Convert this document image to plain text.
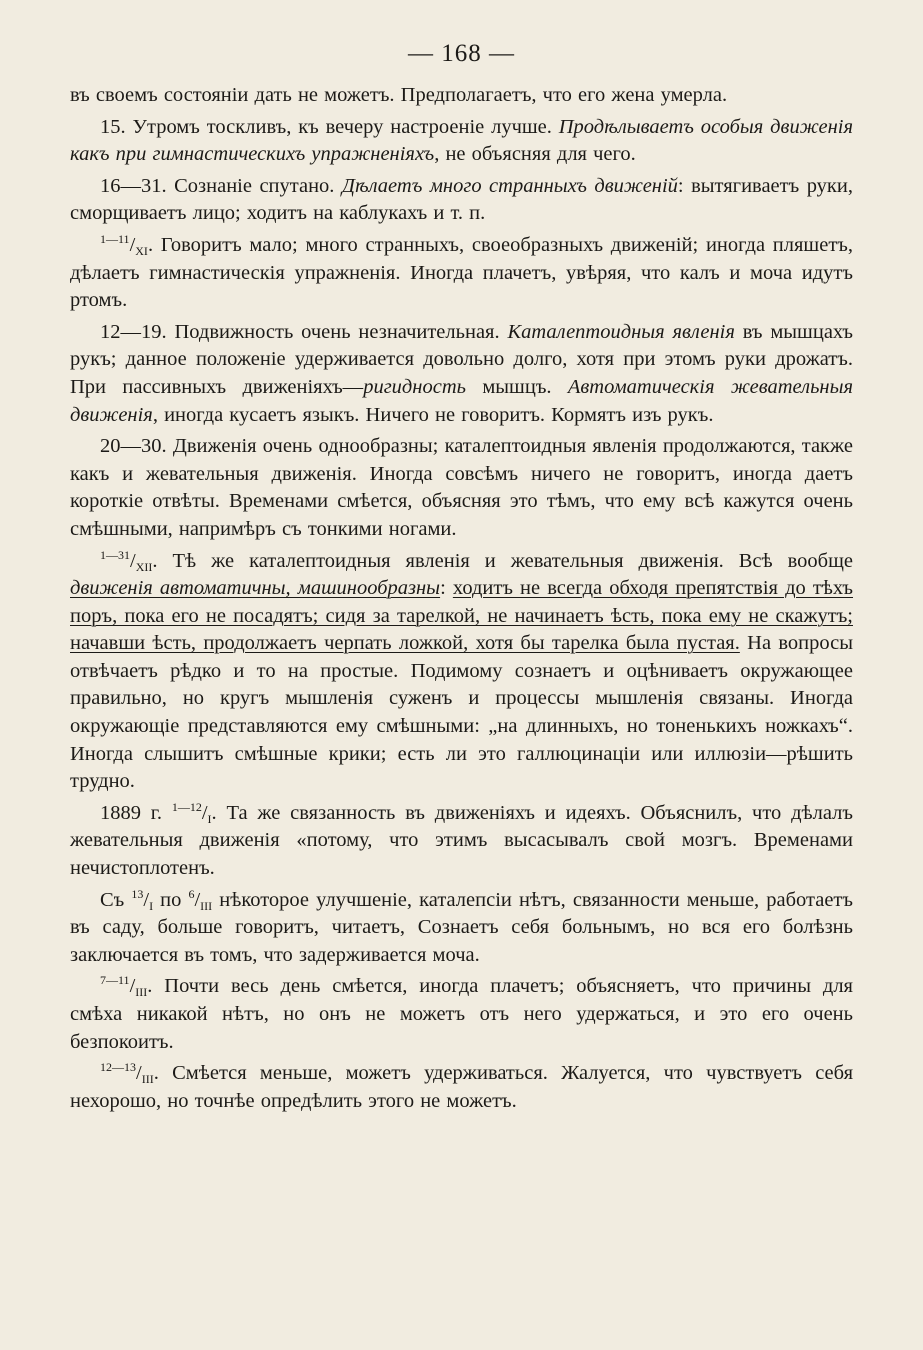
— 168 —

въ своемъ состоянiи дать не можетъ. Предполагаетъ, что его жена умерла.

15. Утромъ тоскливъ, къ вечеру настроенiе лучше. Продѣлываетъ особыя движенiя какъ при гимнастическихъ упражненiяхъ, не объясняя для чего.

16—31. Сознанiе спутано. Дѣлаетъ много странныхъ движенiй: вытягиваетъ руки, сморщиваетъ лицо; ходитъ на каблукахъ и т. п.

$^{1—11}/_{XI}$. Говоритъ мало; много странныхъ, своеобразныхъ движенiй; иногда пляшетъ, дѣлаетъ гимнастическiя упражненiя. Иногда плачетъ, увѣряя, что калъ и моча идутъ ртомъ.

12—19. Подвижность очень незначительная. Каталептоидныя явленiя въ мышцахъ рукъ; данное положенiе удерживается довольно долго, хотя при этомъ руки дрожатъ. При пассивныхъ движенiяхъ—ригидность мышцъ. Автоматическiя жевательныя движенiя, иногда кусаетъ языкъ. Ничего не говоритъ. Кормятъ изъ рукъ.

20—30. Движенiя очень однообразны; каталептоидныя явленiя продолжаются, также какъ и жевательныя движенiя. Иногда совсѣмъ ничего не говоритъ, иногда даетъ короткiе отвѣты. Временами смѣется, объясняя это тѣмъ, что ему всѣ кажутся очень смѣшными, напримѣръ съ тонкими ногами.

$^{1—31}/_{XII}$. Тѣ же каталептоидныя явленiя и жевательныя движенiя. Всѣ вообще движенiя автоматичны, машинообразны: ходитъ не всегда обходя препятствiя до тѣхъ поръ, пока его не посадятъ; сидя за тарелкой, не начинаетъ ѣсть, пока ему не скажутъ; начавши ѣсть, продолжаетъ черпать ложкой, хотя бы тарелка была пустая. На вопросы отвѣчаетъ рѣдко и то на простые. Подимому сознаетъ и оцѣниваетъ окружающее правильно, но кругъ мышленiя суженъ и процессы мышленiя связаны. Иногда окружающiе представляются ему смѣшными: „на длинныхъ, но тоненькихъ ножкахъ“. Иногда слышитъ смѣшные крики; есть ли это галлюцинацiи или иллюзiи—рѣшить трудно.

1889 г. $^{1—12}/_I$. Та же связанность въ движенiяхъ и идеяхъ. Объяснилъ, что дѣлалъ жевательныя движенiя «потому, что этимъ высасывалъ свой мозгъ. Временами нечистоплотенъ.

Съ $^{13}/_I$ по $^6/_{III}$ нѣкоторое улучшенiе, каталепсiи нѣтъ, связанности меньше, работаетъ въ саду, больше говоритъ, читаетъ, Сознаетъ себя больнымъ, но вся его болѣзнь заключается въ томъ, что задерживается моча.

$^{7—11}/_{III}$. Почти весь день смѣется, иногда плачетъ; объясняетъ, что причины для смѣха никакой нѣтъ, но онъ не можетъ отъ него удержаться, и это его очень безпокоитъ.

$^{12—13}/_{III}$. Смѣется меньше, можетъ удерживаться. Жалуется, что чувствуетъ себя нехорошо, но точнѣе опредѣлить этого не можетъ.
